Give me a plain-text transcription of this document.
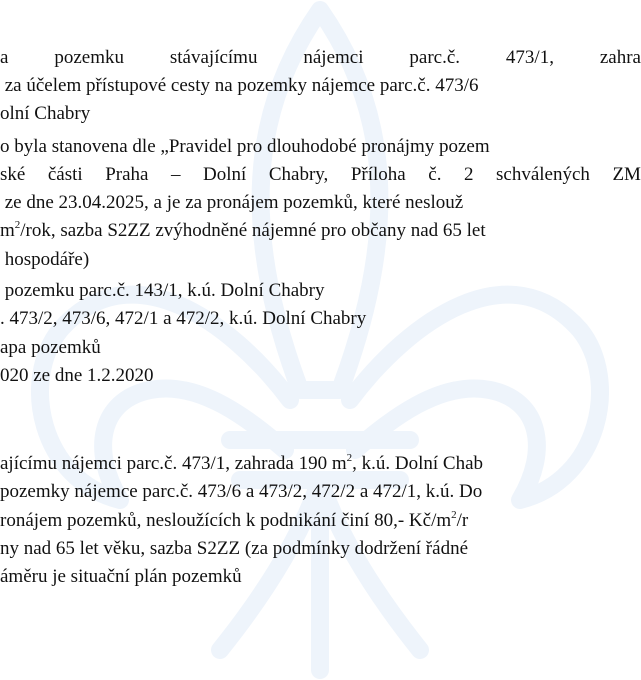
a pozemku stávajícímu nájemci parc.č. 473/1, zahra
za účelem přístupové cesty na pozemky nájemce parc.č. 473/6
olní Chabry
o byla stanovena dle „Pravidel pro dlouhodobé pronájmy pozem
ské části Praha – Dolní Chabry, Příloha č. 2 schválených ZM
ze dne 23.04.2025, a je za pronájem pozemků, které neslouž
$m^2$/rok, sazba S2ZZ zvýhodněné nájemné pro občany nad 65 let
hospodáře)
pozemku parc.č. 143/1, k.ú. Dolní Chabry
. 473/2, 473/6, 472/1 a 472/2, k.ú. Dolní Chabry
apa pozemků
020 ze dne 1.2.2020
ajícímu nájemci parc.č. 473/1, zahrada 190 $m^2$, k.ú. Dolní Chab
pozemky nájemce parc.č. 473/6 a 473/2, 472/2 a 472/1, k.ú. Do
ronájem pozemků, nesloužících k podnikání činí 80,- $Kč/m^2/r$
ny nad 65 let věku, sazba S2ZZ (za podmínky dodržení řádné
áměru je situační plán pozemků
